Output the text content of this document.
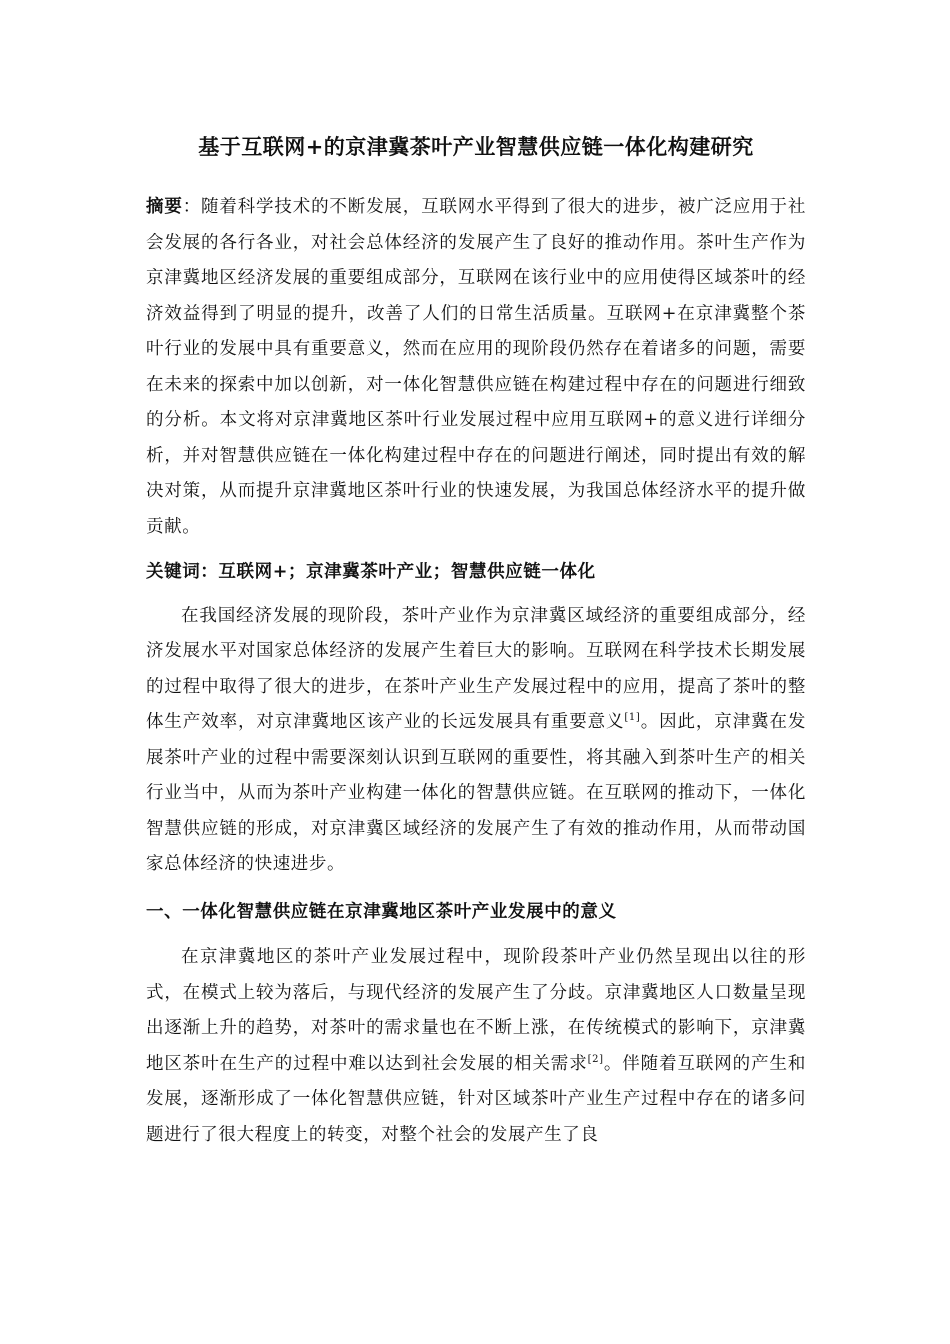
基于互联网+的京津冀茶叶产业智慧供应链一体化构建研究

摘要：随着科学技术的不断发展，互联网水平得到了很大的进步，被广泛应用于社会发展的各行各业，对社会总体经济的发展产生了良好的推动作用。茶叶生产作为京津冀地区经济发展的重要组成部分，互联网在该行业中的应用使得区域茶叶的经济效益得到了明显的提升，改善了人们的日常生活质量。互联网+在京津冀整个茶叶行业的发展中具有重要意义，然而在应用的现阶段仍然存在着诸多的问题，需要在未来的探索中加以创新，对一体化智慧供应链在构建过程中存在的问题进行细致的分析。本文将对京津冀地区茶叶行业发展过程中应用互联网+的意义进行详细分析，并对智慧供应链在一体化构建过程中存在的问题进行阐述，同时提出有效的解决对策，从而提升京津冀地区茶叶行业的快速发展，为我国总体经济水平的提升做贡献。

关键词：互联网+；京津冀茶叶产业；智慧供应链一体化

在我国经济发展的现阶段，茶叶产业作为京津冀区域经济的重要组成部分，经济发展水平对国家总体经济的发展产生着巨大的影响。互联网在科学技术长期发展的过程中取得了很大的进步，在茶叶产业生产发展过程中的应用，提高了茶叶的整体生产效率，对京津冀地区该产业的长远发展具有重要意义[1]。因此，京津冀在发展茶叶产业的过程中需要深刻认识到互联网的重要性，将其融入到茶叶生产的相关行业当中，从而为茶叶产业构建一体化的智慧供应链。在互联网的推动下，一体化智慧供应链的形成，对京津冀区域经济的发展产生了有效的推动作用，从而带动国家总体经济的快速进步。

一、一体化智慧供应链在京津冀地区茶叶产业发展中的意义

在京津冀地区的茶叶产业发展过程中，现阶段茶叶产业仍然呈现出以往的形式，在模式上较为落后，与现代经济的发展产生了分歧。京津冀地区人口数量呈现出逐渐上升的趋势，对茶叶的需求量也在不断上涨，在传统模式的影响下，京津冀地区茶叶在生产的过程中难以达到社会发展的相关需求[2]。伴随着互联网的产生和发展，逐渐形成了一体化智慧供应链，针对区域茶叶产业生产过程中存在的诸多问题进行了很大程度上的转变，对整个社会的发展产生了良
